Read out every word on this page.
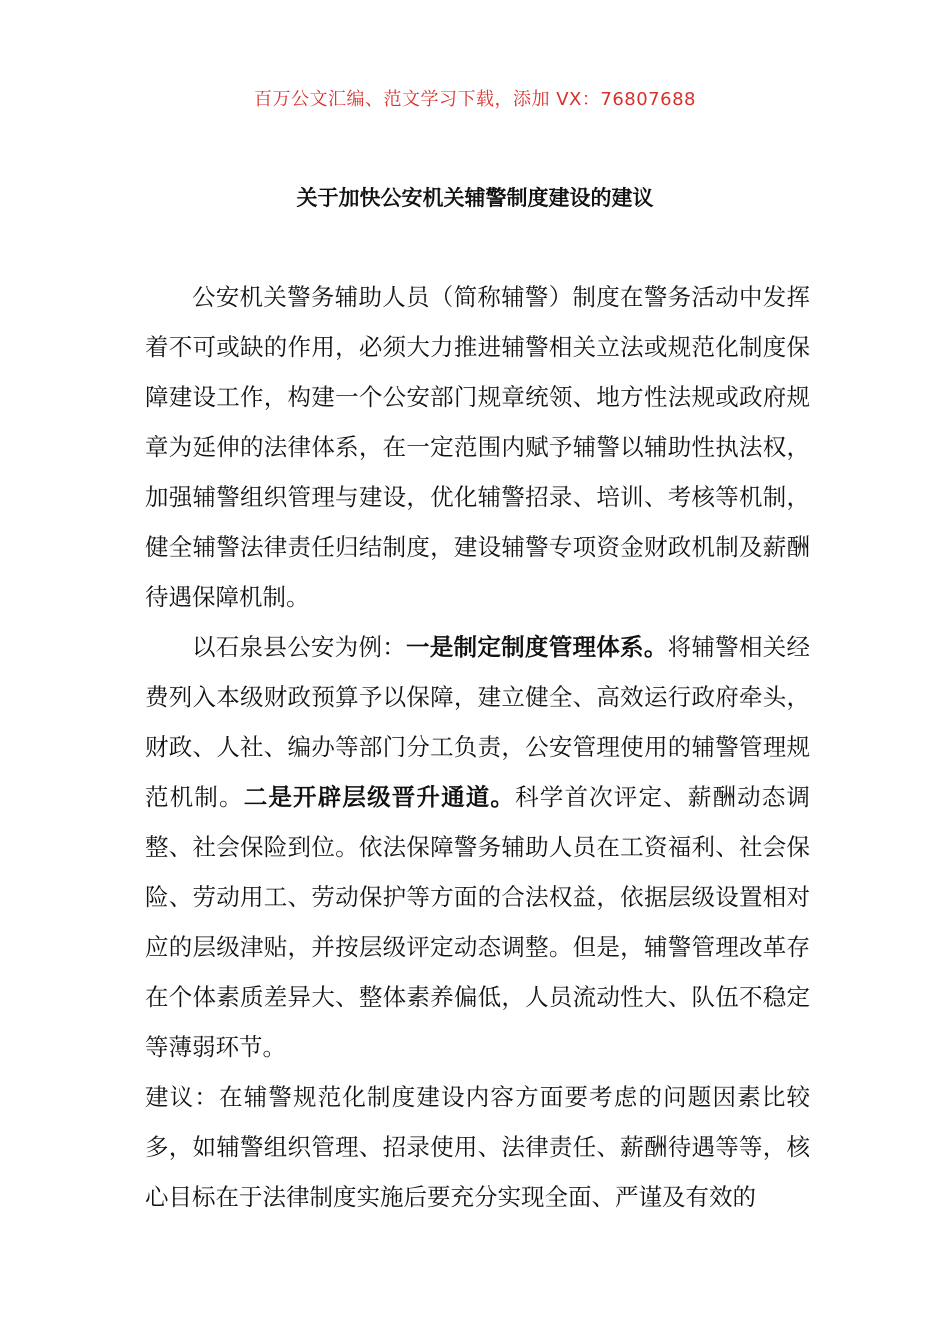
百万公文汇编、范文学习下载，添加 VX：76807688
关于加快公安机关辅警制度建设的建议

公安机关警务辅助人员（简称辅警）制度在警务活动中发挥着不可或缺的作用，必须大力推进辅警相关立法或规范化制度保障建设工作，构建一个公安部门规章统领、地方性法规或政府规章为延伸的法律体系，在一定范围内赋予辅警以辅助性执法权，加强辅警组织管理与建设，优化辅警招录、培训、考核等机制，健全辅警法律责任归结制度，建设辅警专项资金财政机制及薪酬待遇保障机制。

以石泉县公安为例：一是制定制度管理体系。将辅警相关经费列入本级财政预算予以保障，建立健全、高效运行政府牵头，财政、人社、编办等部门分工负责，公安管理使用的辅警管理规范机制。二是开辟层级晋升通道。科学首次评定、薪酬动态调整、社会保险到位。依法保障警务辅助人员在工资福利、社会保险、劳动用工、劳动保护等方面的合法权益，依据层级设置相对应的层级津贴，并按层级评定动态调整。但是，辅警管理改革存在个体素质差异大、整体素养偏低，人员流动性大、队伍不稳定等薄弱环节。

建议：在辅警规范化制度建设内容方面要考虑的问题因素比较多，如辅警组织管理、招录使用、法律责任、薪酬待遇等等，核心目标在于法律制度实施后要充分实现全面、严谨及有效的
